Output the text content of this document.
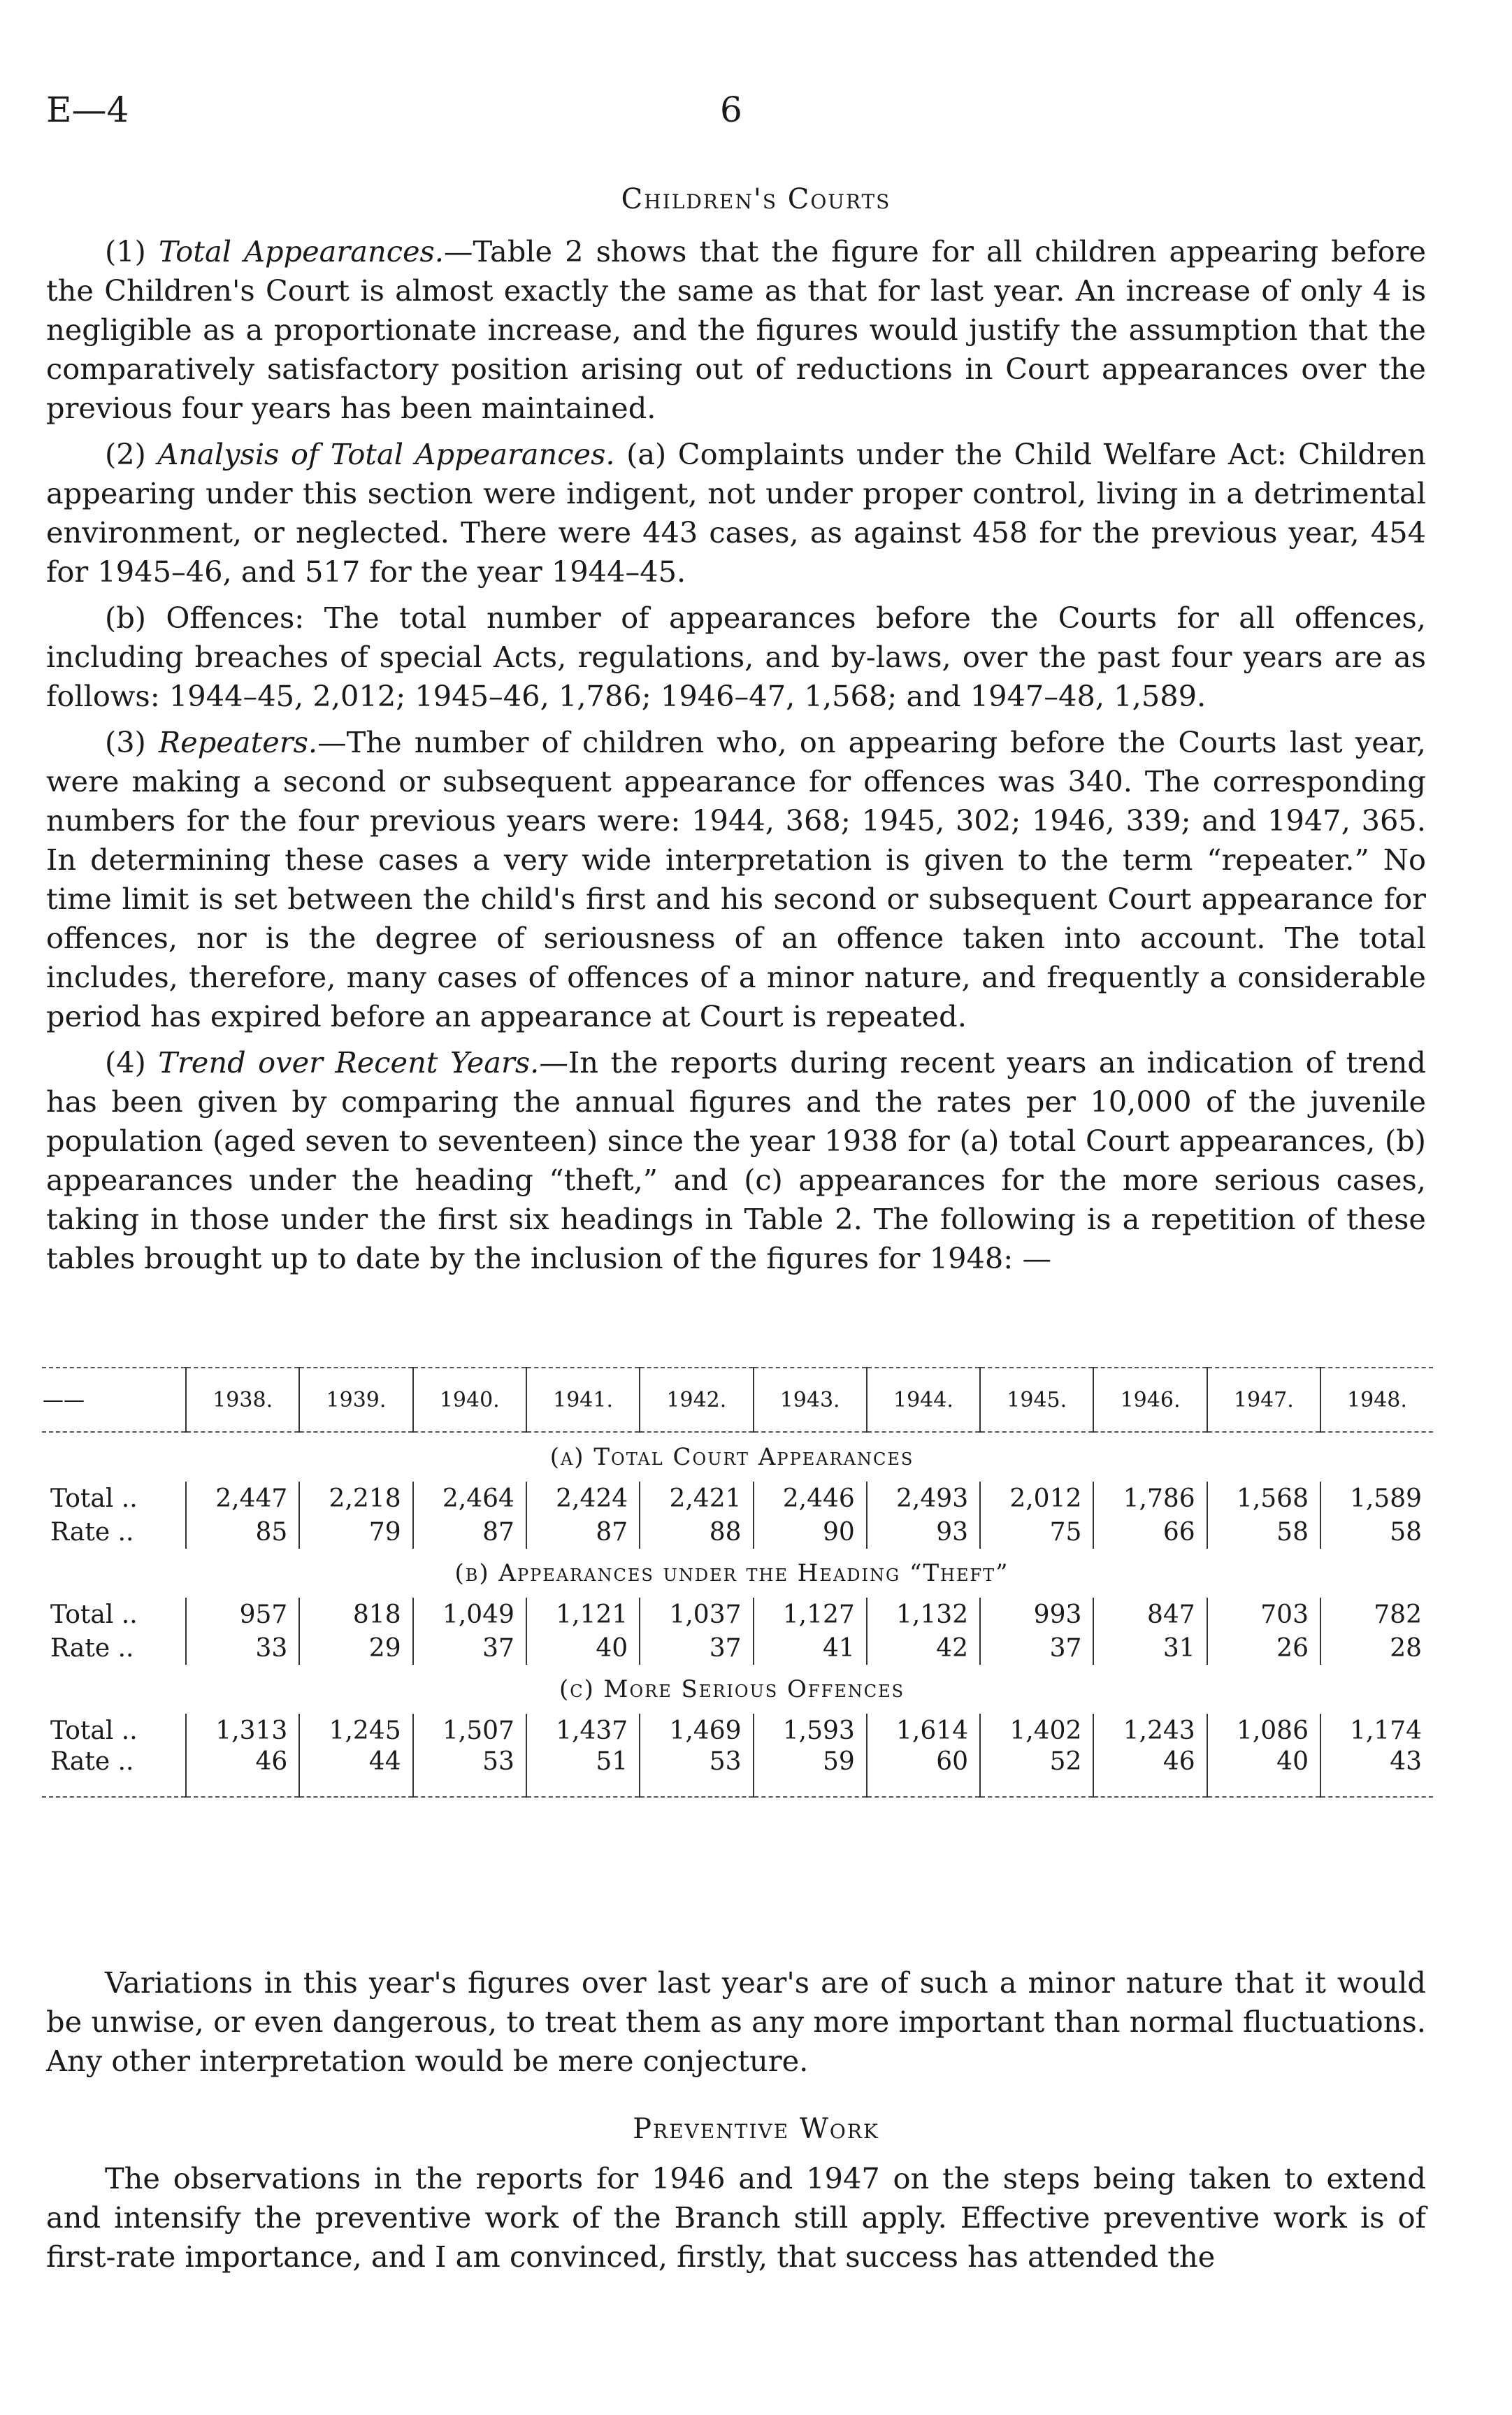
E—4	6
Children's Courts

(1) Total Appearances.—Table 2 shows that the figure for all children appearing before the Children's Court is almost exactly the same as that for last year. An increase of only 4 is negligible as a proportionate increase, and the figures would justify the assumption that the comparatively satisfactory position arising out of reductions in Court appearances over the previous four years has been maintained.

(2) Analysis of Total Appearances. (a) Complaints under the Child Welfare Act: Children appearing under this section were indigent, not under proper control, living in a detrimental environment, or neglected. There were 443 cases, as against 458 for the previous year, 454 for 1945–46, and 517 for the year 1944–45.

(b) Offences: The total number of appearances before the Courts for all offences, including breaches of special Acts, regulations, and by-laws, over the past four years are as follows: 1944–45, 2,012; 1945–46, 1,786; 1946–47, 1,568; and 1947–48, 1,589.

(3) Repeaters.—The number of children who, on appearing before the Courts last year, were making a second or subsequent appearance for offences was 340. The corresponding numbers for the four previous years were: 1944, 368; 1945, 302; 1946, 339; and 1947, 365. In determining these cases a very wide interpretation is given to the term “repeater.” No time limit is set between the child's first and his second or subsequent Court appearance for offences, nor is the degree of seriousness of an offence taken into account. The total includes, therefore, many cases of offences of a minor nature, and frequently a considerable period has expired before an appearance at Court is repeated.

(4) Trend over Recent Years.—In the reports during recent years an indication of trend has been given by comparing the annual figures and the rates per 10,000 of the juvenile population (aged seven to seventeen) since the year 1938 for (a) total Court appearances, (b) appearances under the heading “theft,” and (c) appearances for the more serious cases, taking in those under the first six headings in Table 2. The following is a repetition of these tables brought up to date by the inclusion of the figures for 1948: —

——	1938.	1939.	1940.	1941.	1942.	1943.	1944.	1945.	1946.	1947.	1948.
(a) Total Court Appearances											
Total ..	2,447	2,218	2,464	2,424	2,421	2,446	2,493	2,012	1,786	1,568	1,589
Rate ..	85	79	87	87	88	90	93	75	66	58	58
(b) Appearances under the Heading “Theft”											
Total ..	957	818	1,049	1,121	1,037	1,127	1,132	993	847	703	782
Rate ..	33	29	37	40	37	41	42	37	31	26	28
(c) More Serious Offences											
Total ..	1,313	1,245	1,507	1,437	1,469	1,593	1,614	1,402	1,243	1,086	1,174
Rate ..	46	44	53	51	53	59	60	52	46	40	43

Variations in this year's figures over last year's are of such a minor nature that it would be unwise, or even dangerous, to treat them as any more important than normal fluctuations. Any other interpretation would be mere conjecture.

Preventive Work

The observations in the reports for 1946 and 1947 on the steps being taken to extend and intensify the preventive work of the Branch still apply. Effective preventive work is of first-rate importance, and I am convinced, firstly, that success has attended the
